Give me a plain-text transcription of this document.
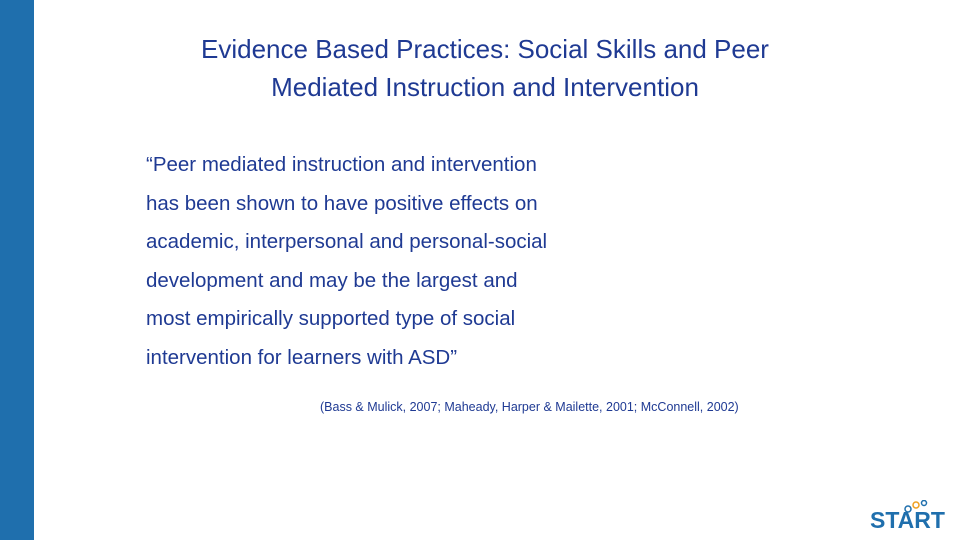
Evidence Based Practices: Social Skills and Peer
Mediated Instruction and Intervention
“Peer mediated instruction and intervention
has been shown to have positive effects on
academic, interpersonal and personal-social
development and may be the largest and
most empirically supported type of social
intervention for learners with ASD”
(Bass & Mulick, 2007; Maheady, Harper & Mailette, 2001; McConnell, 2002)
START
